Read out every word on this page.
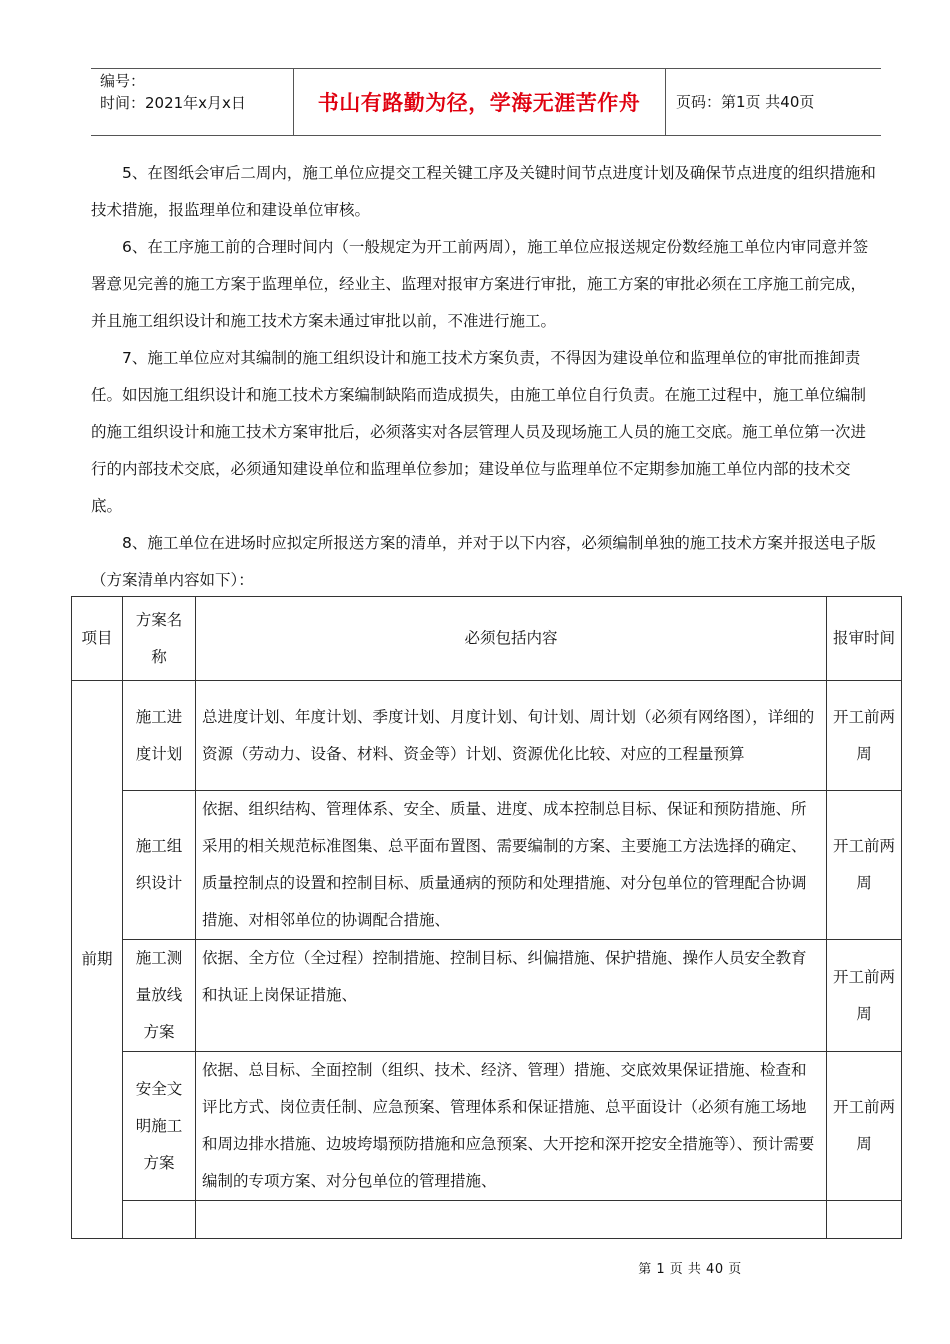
编号：
时间：2021年x月x日	书山有路勤为径，学海无涯苦作舟	页码：第1页 共40页

5、在图纸会审后二周内，施工单位应提交工程关键工序及关键时间节点进度计划及确保节点进度的组织措施和技术措施，报监理单位和建设单位审核。

6、在工序施工前的合理时间内（一般规定为开工前两周），施工单位应报送规定份数经施工单位内审同意并签署意见完善的施工方案于监理单位，经业主、监理对报审方案进行审批，施工方案的审批必须在工序施工前完成，并且施工组织设计和施工技术方案未通过审批以前，不准进行施工。

7、施工单位应对其编制的施工组织设计和施工技术方案负责，不得因为建设单位和监理单位的审批而推卸责任。如因施工组织设计和施工技术方案编制缺陷而造成损失，由施工单位自行负责。在施工过程中，施工单位编制的施工组织设计和施工技术方案审批后，必须落实对各层管理人员及现场施工人员的施工交底。施工单位第一次进行的内部技术交底，必须通知建设单位和监理单位参加；建设单位与监理单位不定期参加施工单位内部的技术交底。

8、施工单位在进场时应拟定所报送方案的清单，并对于以下内容，必须编制单独的施工技术方案并报送电子版（方案清单内容如下）：

项目	方案名称	必须包括内容	报审时间
前期	施工进度计划	总进度计划、年度计划、季度计划、月度计划、旬计划、周计划（必须有网络图），详细的资源（劳动力、设备、材料、资金等）计划、资源优化比较、对应的工程量预算	开工前两周
	施工组织设计	依据、组织结构、管理体系、安全、质量、进度、成本控制总目标、保证和预防措施、所采用的相关规范标准图集、总平面布置图、需要编制的方案、主要施工方法选择的确定、质量控制点的设置和控制目标、质量通病的预防和处理措施、对分包单位的管理配合协调措施、对相邻单位的协调配合措施、	开工前两周
	施工测量放线方案	依据、全方位（全过程）控制措施、控制目标、纠偏措施、保护措施、操作人员安全教育和执证上岗保证措施、	开工前两周
	安全文明施工方案	依据、总目标、全面控制（组织、技术、经济、管理）措施、交底效果保证措施、检查和评比方式、岗位责任制、应急预案、管理体系和保证措施、总平面设计（必须有施工场地和周边排水措施、边坡垮塌预防措施和应急预案、大开挖和深开挖安全措施等）、预计需要编制的专项方案、对分包单位的管理措施、	开工前两周

第 1 页 共 40 页
